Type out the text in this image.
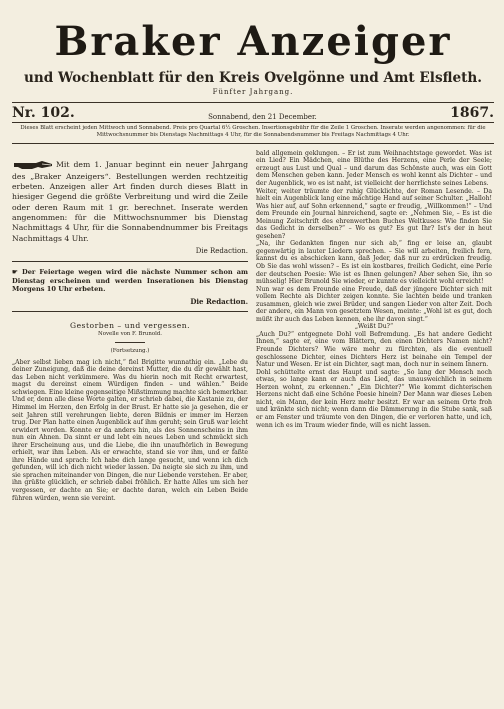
Braker Anzeiger
und Wochenblatt für den Kreis Ovelgönne und Amt Elsfleth.
Fünfter Jahrgang.
Nr. 102.	Sonnabend, den 21 December.	1867.
Dieses Blatt erscheint jeden Mittwoch und Sonnabend. Preis pro Quartal 6½ Groschen. Insertionsgebühr für die Zeile 1 Groschen. Inserate werden angenommen: für die Mittwochsnummer bis Dienstags Nachmittags 4 Uhr, für die Sonnabendsnummer bis Freitags Nachmittags 4 Uhr.

Mit dem 1. Januar beginnt ein neuer Jahrgang des „Braker Anzeigers“. Bestellungen werden rechtzeitig erbeten. Anzeigen aller Art finden durch dieses Blatt in hiesiger Gegend die größte Verbreitung und wird die Zeile oder deren Raum mit 1 gr. berechnet. Inserate werden angenommen: für die Mittwochsnummer bis Dienstag Nachmittags 4 Uhr, für die Sonnabendnummer bis Freitags Nachmittags 4 Uhr.

Die Redaction.
☛ Der Feiertage wegen wird die nächste Nummer schon am Dienstag erscheinen und werden Inserationen bis Dienstag Morgens 10 Uhr erbeten.
Die Redaction.
Gestorben – und vergessen.
Novelle von F. Brunold.
(Fortsetzung.)

„Aber selbst lieben mag ich nicht,“ fiel Brigitte wunnathig ein. „Lebe du deiner Zuneigung, daß die deine dereinst Mutter, die du dir gewählt hast, das Leben nicht verkümmere. Was du hierin noch mit Recht erwartest, magst du dereinst einem Würdigen finden – und wählen.“ Beide schwiegen. Eine kleine gegenseitige Mißstimmung machte sich bemerkbar. Und er, denn alle diese Worte galten, er schrieb dabei, die Kastanie zu, der Himmel im Herzen, den Erfolg in der Brust. Er hatte sie ja gesehen, die er seit Jahren still verehrungen liebte, deren Bildnis er immer im Herzen trug. Der Plan hatte einen Augenblick auf ihm geruht; sein Gruß war leicht erwidert worden. Konnte er da anders hin, als des Sonnenscheins in ihm nun ein Ahnen. Da sinnt er und lebt ein neues Leben und schmückt sich ihrer Erscheinung aus, und die Liebe, die ihn unaufhörlich in Bewegung erhielt, war ihm Leben. Als er erwachte, stand sie vor ihm, und er faßte ihre Hände und sprach: Ich habe dich lange gesucht, und wenn ich dich gefunden, will ich dich nicht wieder lassen. Da neigte sie sich zu ihm, und sie sprachen miteinander von Dingen, die nur Liebende verstehen. Er aber, ihn grüßte glücklich, er schrieb dabei fröhlich. Er hatte Alles um sich her vergessen, er dachte an Sie; er dachte daran, welch ein Leben Beide führen würden, wenn sie vereint.

bald allgemein geklungen. – Er ist zum Weihnachtstage gewordet. Was ist ein Lied? Ein Mädchen, eine Blüthe des Herzens, eine Perle der Seele; erzeugt aus Lust und Qual – und darum das Schönste auch, was ein Gott dem Menschen geben kann. Jeder Mensch es wohl kennt als Dichter – und der Augenblick, wo es ist naht, ist vielleicht der herrlichste seines Lebens.

Weiter, weiter träumte der ruhig Glücklichte, der Roman Lesende. – Da hielt ein Augenblick lang eine mächtige Hand auf seiner Schulter. „Halloh! Was hier auf, auf Sohn erkennend,“ sagte er freudig, „Willkommen!“ – Und dem Freunde ein Journal hinreichend, sagte er: „Nehmen Sie, – Es ist die Meinung Zeitschrift des ehrenwerthen Buches Weltkuses: Wie finden Sie das Gedicht in derselben?“ – Wo es gut? Es gut Ihr? Ist's der in heut gesehen?

„Na, ihr Gedankten fingen nur sich ab,“ fing er leise an, glaubt gegenwärtig in lauter Liedern sprechen. – Sie will arbeiten, freilich fern, kannst du es abschicken kann, daß Jeder, daß nur zu erdrücken freudig. Ob Sie das wohl wissen? – Es ist ein kostbares, freilich Gedicht, eine Perle der deutschen Poesie: Wie ist es Ihnen gelungen? Aber sehen Sie, ihn so mühselig! Hier Brunold Sie wieder, er kunnte es vielleicht wohl erreicht!

Nun war es dem Freunde eine Freude, daß der jüngere Dichter sich mit vollem Rechte als Dichter zeigen konnte. Sie lachten beide und tranken zusammen, gleich wie zwei Brüder, und sangen Lieder von alter Zeit. Doch der andere, ein Mann von gesetztem Wesen, meinte: „Wohl ist es gut, doch müßt ihr auch das Leben kennen, ehe ihr davon singt.“

„Weißt Du?“

„Auch Du?“ entgegnete Dohl voll Befremdung. „Es hat andere Gedicht Ihnen,“ sagte er, eine vom Blättern, den einen Dichters Namen nicht? Freunde Dichters? Wie wäre mehr zu fürchten, als die eventuell geschlossene Dichter, eines Dichters Herz ist beinahe ein Tempel der Natur und Wesen. Er ist ein Dichter, sagt man, doch nur in seinem Innern.

Dohl schüttelte ernst das Haupt und sagte: „So lang der Mensch noch etwas, so lange kann er auch das Lied, das unausweichlich in seinem Herzen wohnt, zu erkennen.“ „Ein Dichter?“ Wie kommt dichterischen Herzens nicht daß eine Schöne Poesie hinein? Der Mann war dieses Leben nicht, ein Mann, der kein Herz mehr besitzt. Er war an seinem Orte froh und kränkte sich nicht; wenn dann die Dämmerung in die Stube sank, saß er am Fenster und träumte von den Dingen, die er verloren hatte, und ich, wenn ich es im Traum wieder finde, will es nicht lassen.
